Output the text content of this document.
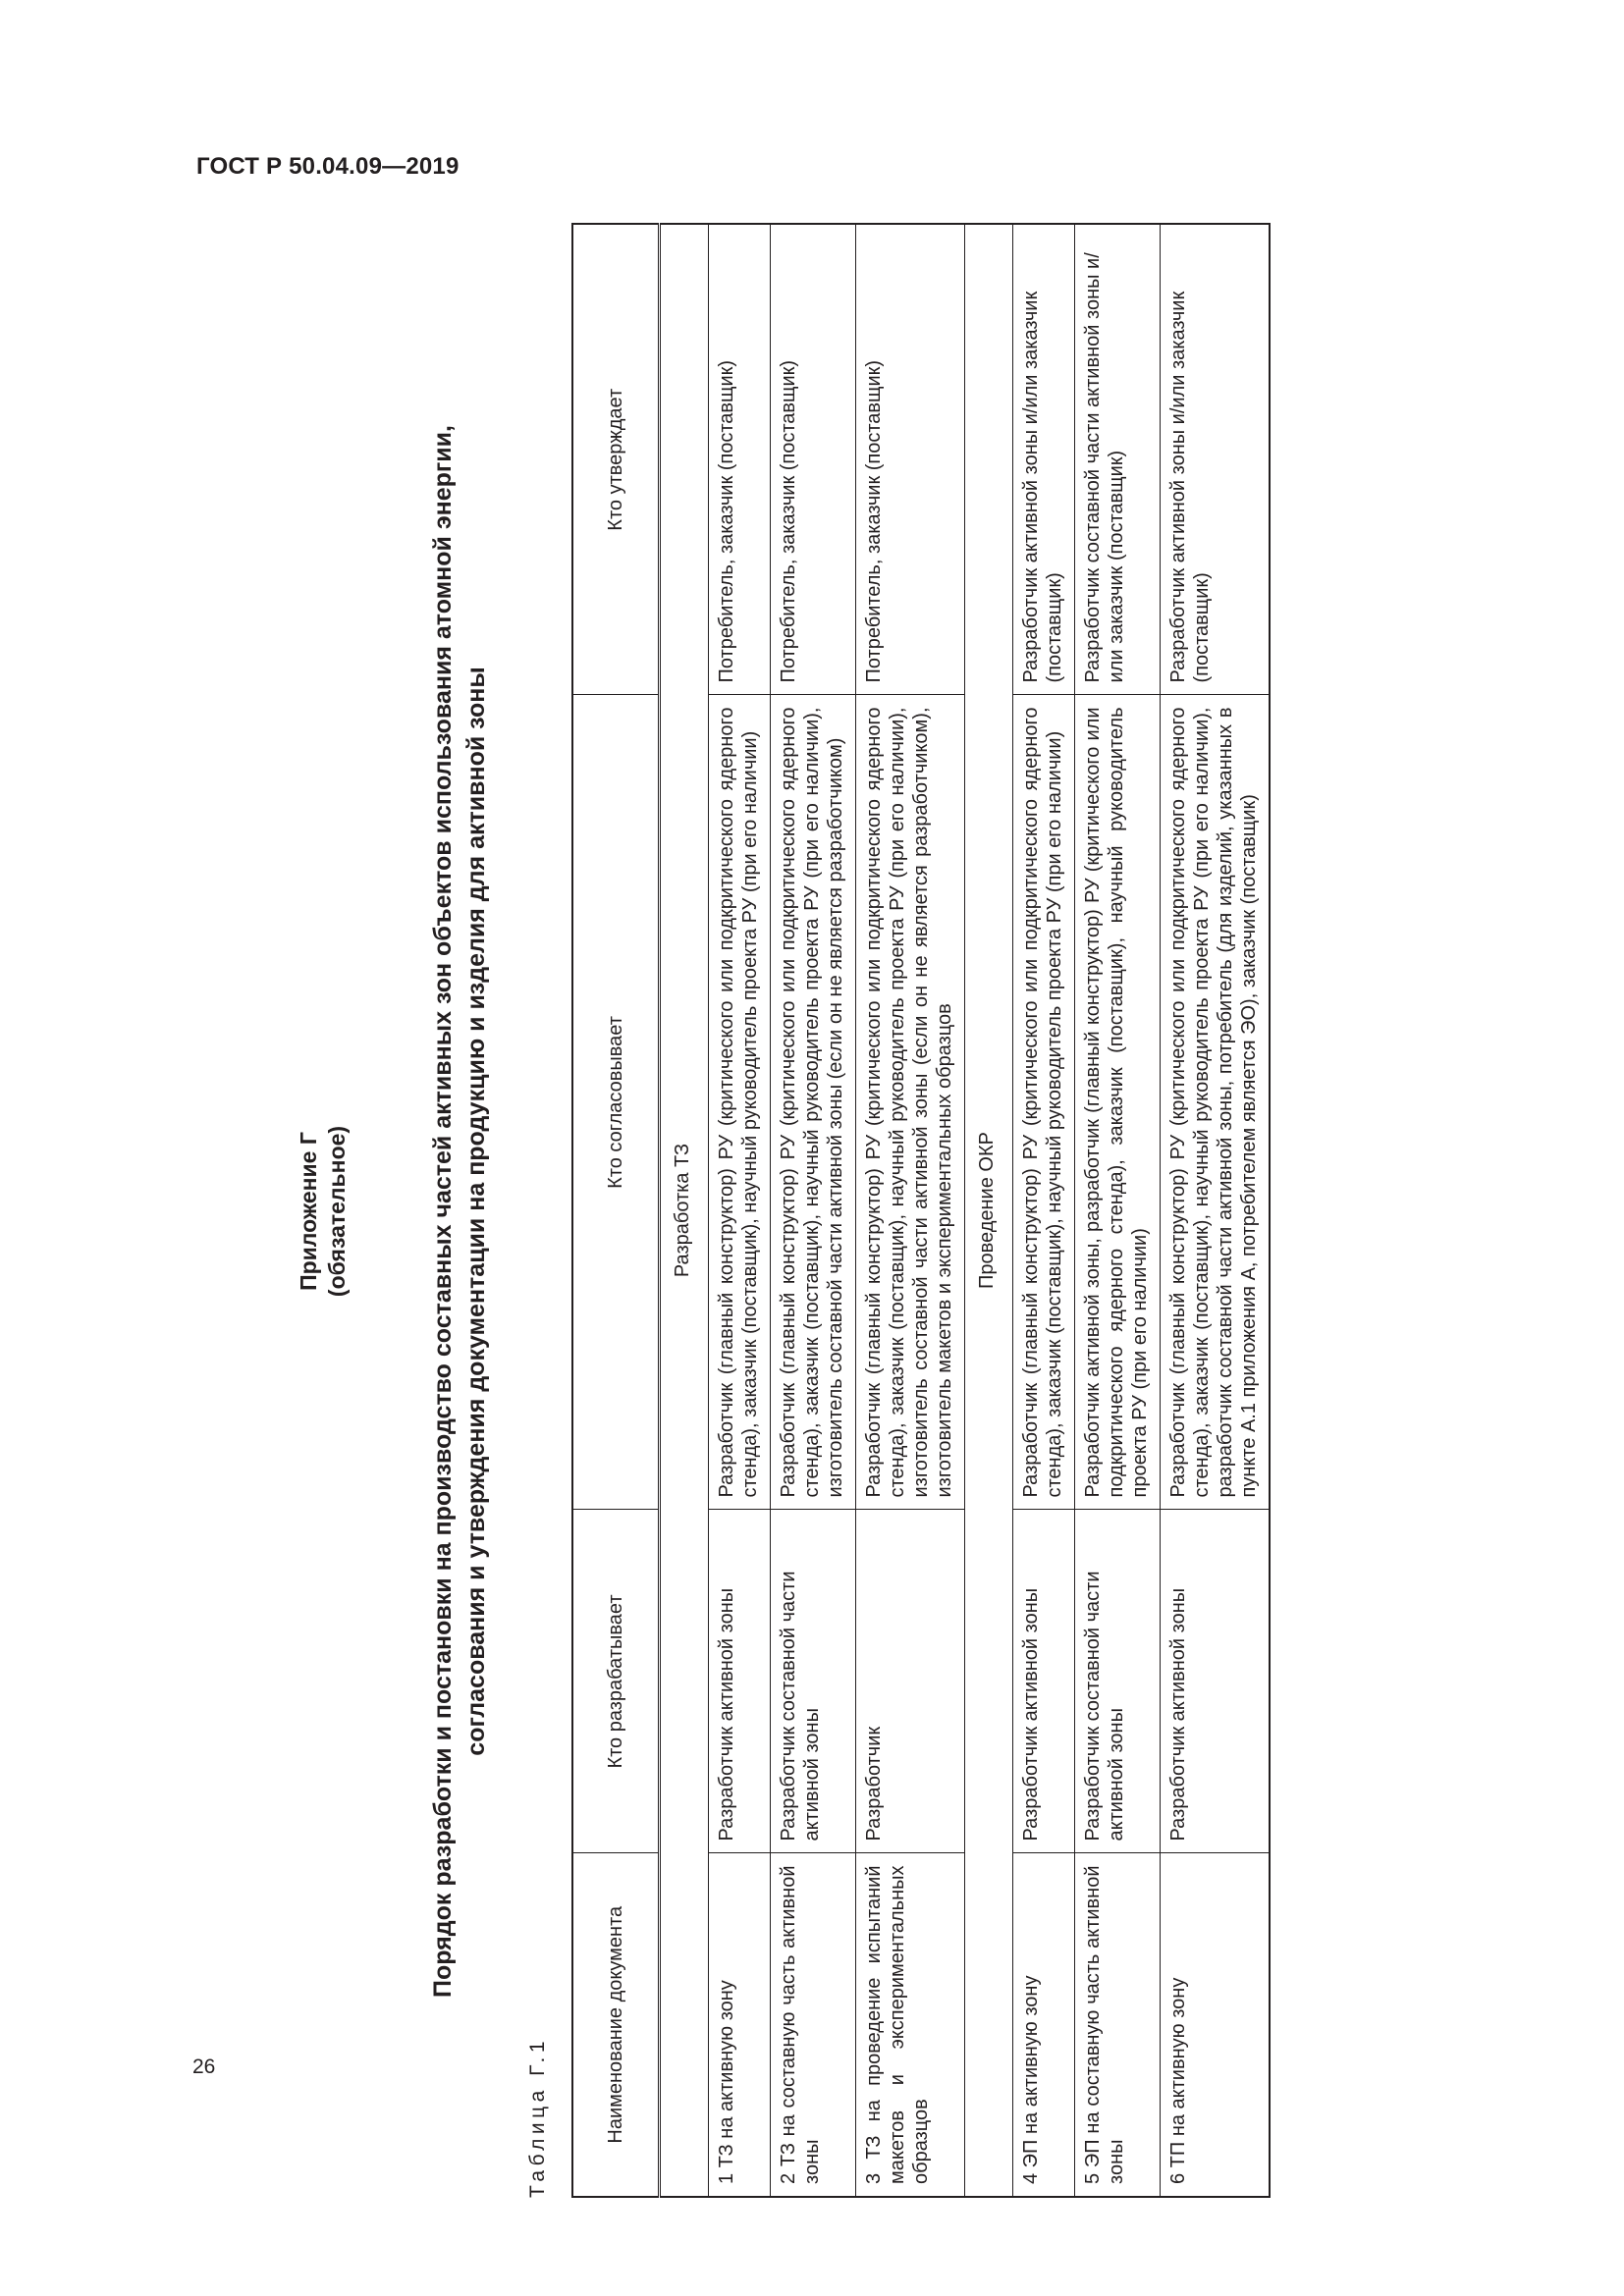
ГОСТ Р 50.04.09—2019
26
Приложение Г (обязательное)	Порядок разработки и постановки на производство составных частей активных зон объектов использования атомной энергии, согласования и утверждения документации на продукцию и изделия для активной зоны
Таблица Г.1	Наименование документа	Кто разрабатывает	Кто согласовывает	Кто утверждает
Разработка ТЗ			
1 ТЗ на активную зону	Разработчик активной зоны	Разработчик (главный конструктор) РУ (критического или подкритического ядерного стенда), заказчик (поставщик), научный руководитель проекта РУ (при его наличии)	Потребитель, заказчик (поставщик)
2 ТЗ на составную часть активной зоны	Разработчик составной части активной зоны	Разработчик (главный конструктор) РУ (критического или подкритического ядерного стенда), заказчик (поставщик), научный руководитель проекта РУ (при его наличии), изготовитель составной части активной зоны (если он не является разработчиком)	Потребитель, заказчик (поставщик)
3 ТЗ на проведение испытаний макетов и экспериментальных образцов	Разработчик	Разработчик (главный конструктор) РУ (критического или подкритического ядерного стенда), заказчик (поставщик), научный руководитель проекта РУ (при его наличии), изготовитель составной части активной зоны (если он не является разработчиком), изготовитель макетов и экспериментальных образцов	Потребитель, заказчик (поставщик)
Проведение ОКР			
4 ЭП на активную зону	Разработчик активной зоны	Разработчик (главный конструктор) РУ (критического или подкритического ядерного стенда), заказчик (поставщик), научный руководитель проекта РУ (при его наличии)	Разработчик активной зоны и/или заказчик (поставщик)
5 ЭП на составную часть активной зоны	Разработчик составной части активной зоны	Разработчик активной зоны, разработчик (главный конструктор) РУ (критического или подкритического ядерного стенда), заказчик (поставщик), научный руководитель проекта РУ (при его наличии)	Разработчик составной части активной зоны и/или заказчик (поставщик)
6 ТП на активную зону	Разработчик активной зоны	Разработчик (главный конструктор) РУ (критического или подкритического ядерного стенда), заказчик (поставщик), научный руководитель проекта РУ (при его наличии), разработчик составной части активной зоны, потребитель (для изделий, указанных в пункте А.1 приложения А, потребителем является ЭО), заказчик (поставщик)	Разработчик активной зоны и/или заказчик (поставщик)
